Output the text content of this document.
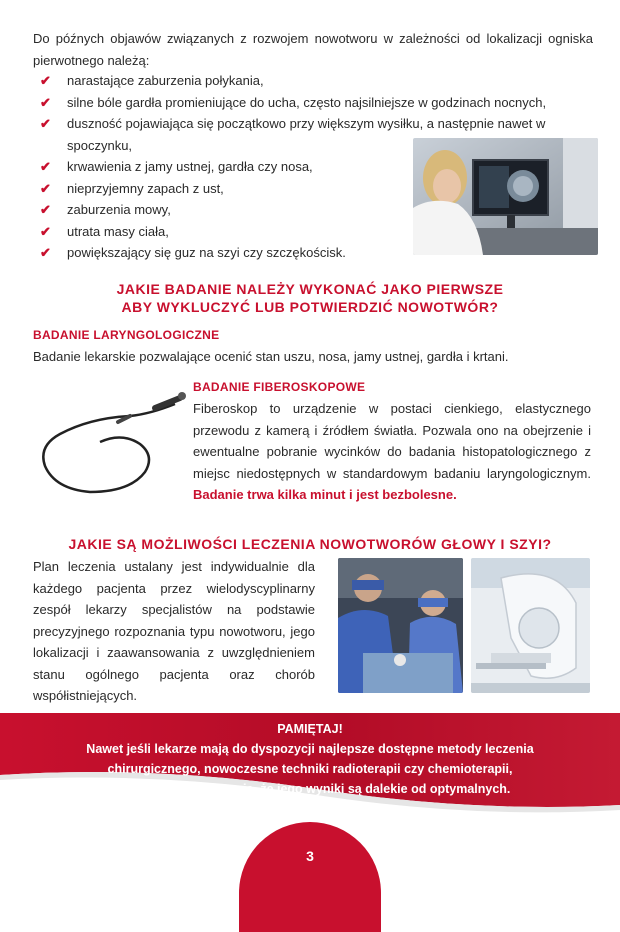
Do późnych objawów związanych z rozwojem nowotworu w zależności od lokalizacji ogniska pierwotnego należą:
✔ narastające zaburzenia połykania,
✔ silne bóle gardła promieniujące do ucha, często najsilniejsze w godzinach nocnych,
✔ duszność pojawiająca się początkowo przy większym wysiłku, a następnie nawet w spoczynku,
✔ krwawienia z jamy ustnej, gardła czy nosa,
✔ nieprzyjemny zapach z ust,
✔ zaburzenia mowy,
✔ utrata masy ciała,
✔ powiększający się guz na szyi czy szczękościsk.
JAKIE BADANIE NALEŻY WYKONAĆ JAKO PIERWSZE
ABY WYKLUCZYĆ LUB POTWIERDZIĆ NOWOTWÓR?
BADANIE LARYNGOLOGICZNE
Badanie lekarskie pozwalające ocenić stan uszu, nosa, jamy ustnej, gardła i krtani.
BADANIE FIBEROSKOPOWE
Fiberoskop to urządzenie w postaci cienkiego, elastycznego przewodu z kamerą i źródłem światła. Pozwala ono na obejrzenie i ewentualne pobranie wycinków do badania histopatologicznego z miejsc niedostępnych w standardowym badaniu laryngologicznym. Badanie trwa kilka minut i jest bezbolesne.
JAKIE SĄ MOŻLIWOŚCI LECZENIA NOWOTWORÓW GŁOWY I SZYI?
Plan leczenia ustalany jest indywidualnie dla każdego pacjenta przez wielodyscyplinarny zespół lekarzy specjalistów na podstawie precyzyjnego rozpoznania typu nowotworu, jego lokalizacji i zaawansowania z uwzględnieniem stanu ogólnego pacjenta oraz chorób współistniejących.
PAMIĘTAJ!
Nawet jeśli lekarze mają do dyspozycji najlepsze dostępne metody leczenia
chirurgicznego, nowoczesne techniki radioterapii czy chemioterapii,
późna diagnoza sprawia, że jego wyniki są dalekie od optymalnych.
3
